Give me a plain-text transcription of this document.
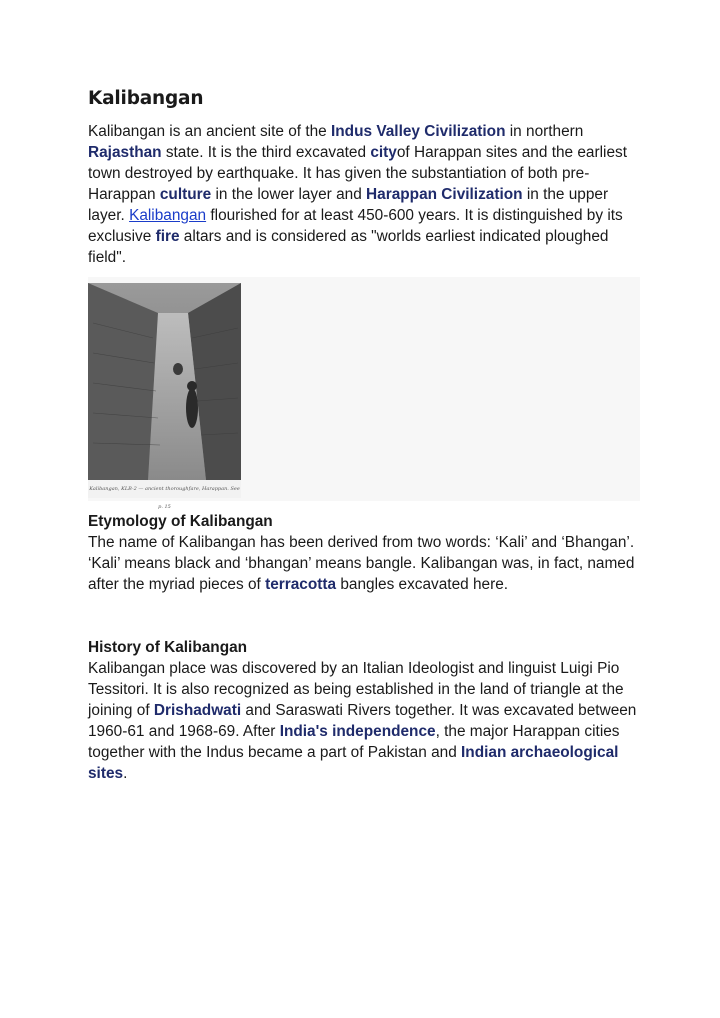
Kalibangan

Kalibangan is an ancient site of the Indus Valley Civilization in northern Rajasthan state. It is the third excavated cityof Harappan sites and the earliest town destroyed by earthquake. It has given the substantiation of both pre-Harappan culture in the lower layer and Harappan Civilization in the upper layer. Kalibangan flourished for at least 450-600 years. It is distinguished by its exclusive fire altars and is considered as "worlds earliest indicated ploughed field".

Kalibangan, KLB-2 — ancient thoroughfare, Harappan. See p. 15

Etymology of Kalibangan

The name of Kalibangan has been derived from two words: ‘Kali’ and ‘Bhangan’. ‘Kali’ means black and ‘bhangan’ means bangle. Kalibangan was, in fact, named after the myriad pieces of terracotta bangles excavated here.

History of Kalibangan

Kalibangan place was discovered by an Italian Ideologist and linguist Luigi Pio Tessitori. It is also recognized as being established in the land of triangle at the joining of Drishadwati and Saraswati Rivers together. It was excavated between 1960-61 and 1968-69. After India's independence, the major Harappan cities together with the Indus became a part of Pakistan and Indian archaeological sites.
